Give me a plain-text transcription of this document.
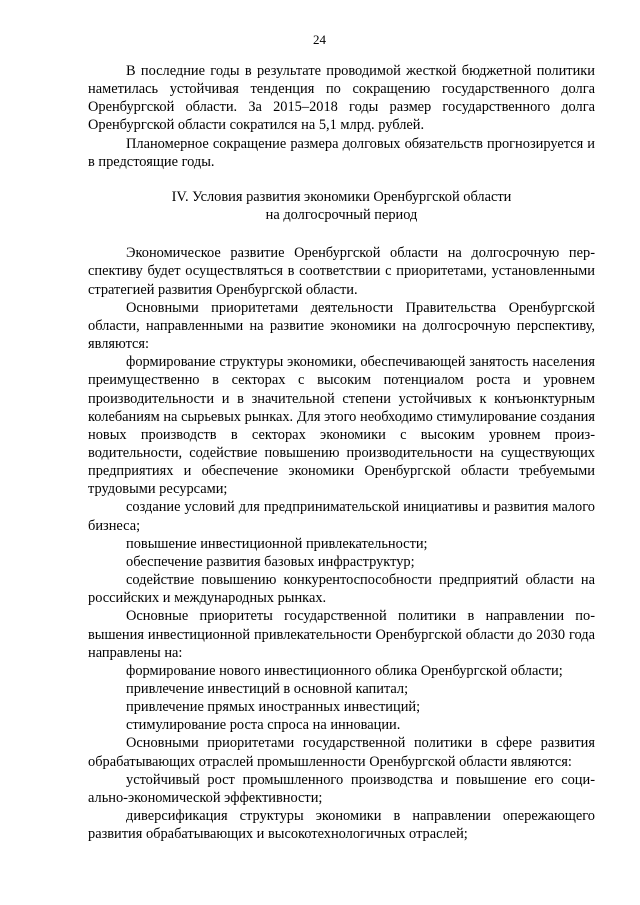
24

В последние годы в результате проводимой жесткой бюджетной политики наметилась устойчивая тенденция по сокращению государственного долга Оренбургской области. За 2015–2018 годы размер государственного долга Оренбургской области сократился на 5,1 млрд. рублей.

Планомерное сокращение размера долговых обязательств прогнозируется и в предстоящие годы.

IV. Условия развития экономики Оренбургской области
на долгосрочный период

Экономическое развитие Оренбургской области на долгосрочную перспективу будет осуществляться в соответствии с приоритетами, установленными стратегией развития Оренбургской области.

Основными приоритетами деятельности Правительства Оренбургской области, направленными на развитие экономики на долгосрочную перспективу, являются:

формирование структуры экономики, обеспечивающей занятость населения преимущественно в секторах с высоким потенциалом роста и уровнем производительности и в значительной степени устойчивых к конъюнктурным колебаниям на сырьевых рынках. Для этого необходимо стимулирование создания новых производств в секторах экономики с высоким уровнем производительности, содействие повышению производительности на существующих предприятиях и обеспечение экономики Оренбургской области требуемыми трудовыми ресурсами;

создание условий для предпринимательской инициативы и развития малого бизнеса;

повышение инвестиционной привлекательности;

обеспечение развития базовых инфраструктур;

содействие повышению конкурентоспособности предприятий области на российских и международных рынках.

Основные приоритеты государственной политики в направлении повышения инвестиционной привлекательности Оренбургской области до 2030 года направлены на:

формирование нового инвестиционного облика Оренбургской области;

привлечение инвестиций в основной капитал;

привлечение прямых иностранных инвестиций;

стимулирование роста спроса на инновации.

Основными приоритетами государственной политики в сфере развития обрабатывающих отраслей промышленности Оренбургской области являются:

устойчивый рост промышленного производства и повышение его социально-экономической эффективности;

диверсификация структуры экономики в направлении опережающего развития обрабатывающих и высокотехнологичных отраслей;
